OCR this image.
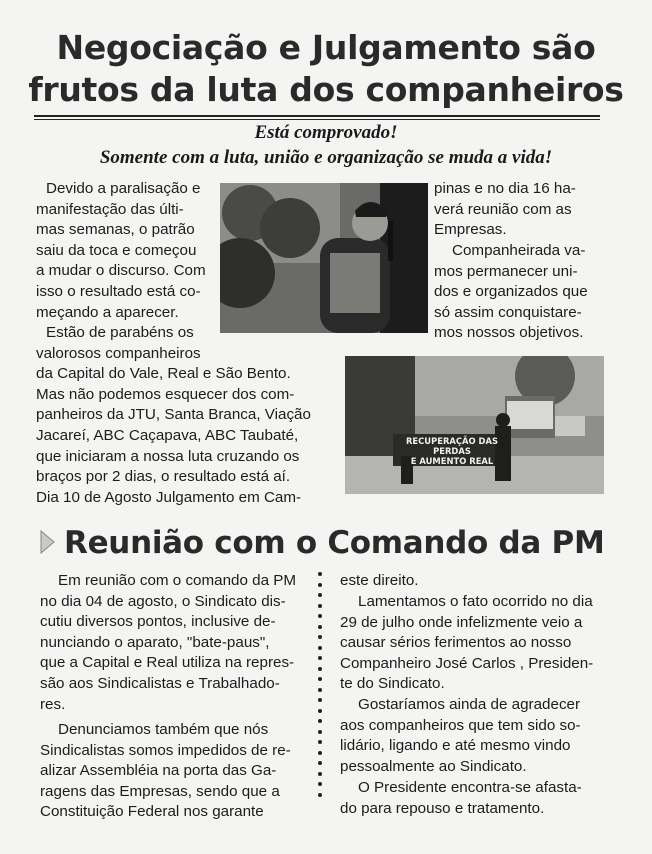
Negociação e Julgamento são
frutos da luta dos companheiros
Está comprovado!
Somente com a luta, união e organização se muda a vida!
Devido a paralisação e
manifestação das últi-
mas semanas, o patrão
saiu da toca e começou
a mudar o discurso. Com
isso o resultado está co-
meçando a aparecer.
Estão de parabéns os
valorosos companheiros
da Capital do Vale, Real e São Bento.
Mas não podemos esquecer dos com-
panheiros da JTU, Santa Branca, Viação
Jacareí, ABC Caçapava, ABC Taubaté,
que iniciaram a nossa luta cruzando os
braços por 2 dias, o resultado está aí.
Dia 10 de Agosto Julgamento em Cam-
pinas e no dia 16 ha-
verá reunião com as
Empresas.
Companheirada va-
mos permanecer uni-
dos e organizados que
só assim conquistare-
mos nossos objetivos.
RECUPERAÇÃO DAS PERDAS
E AUMENTO REAL
Reunião com o Comando da PM
Em reunião com o comando da PM
no dia 04 de agosto, o Sindicato dis-
cutiu diversos pontos, inclusive de-
nunciando o aparato, "bate-paus",
que a Capital e Real utiliza na repres-
são aos Sindicalistas e Trabalhado-
res.
Denunciamos também que nós
Sindicalistas somos impedidos de re-
alizar Assembléia na porta das Ga-
ragens das Empresas, sendo que a
Constituição Federal nos garante
este direito.
Lamentamos o fato ocorrido no dia
29 de julho onde infelizmente veio a
causar sérios ferimentos ao nosso
Companheiro José Carlos , Presiden-
te do Sindicato.
Gostaríamos ainda de agradecer
aos companheiros que tem sido so-
lidário, ligando e até mesmo vindo
pessoalmente ao Sindicato.
O Presidente encontra-se afasta-
do para repouso e tratamento.
